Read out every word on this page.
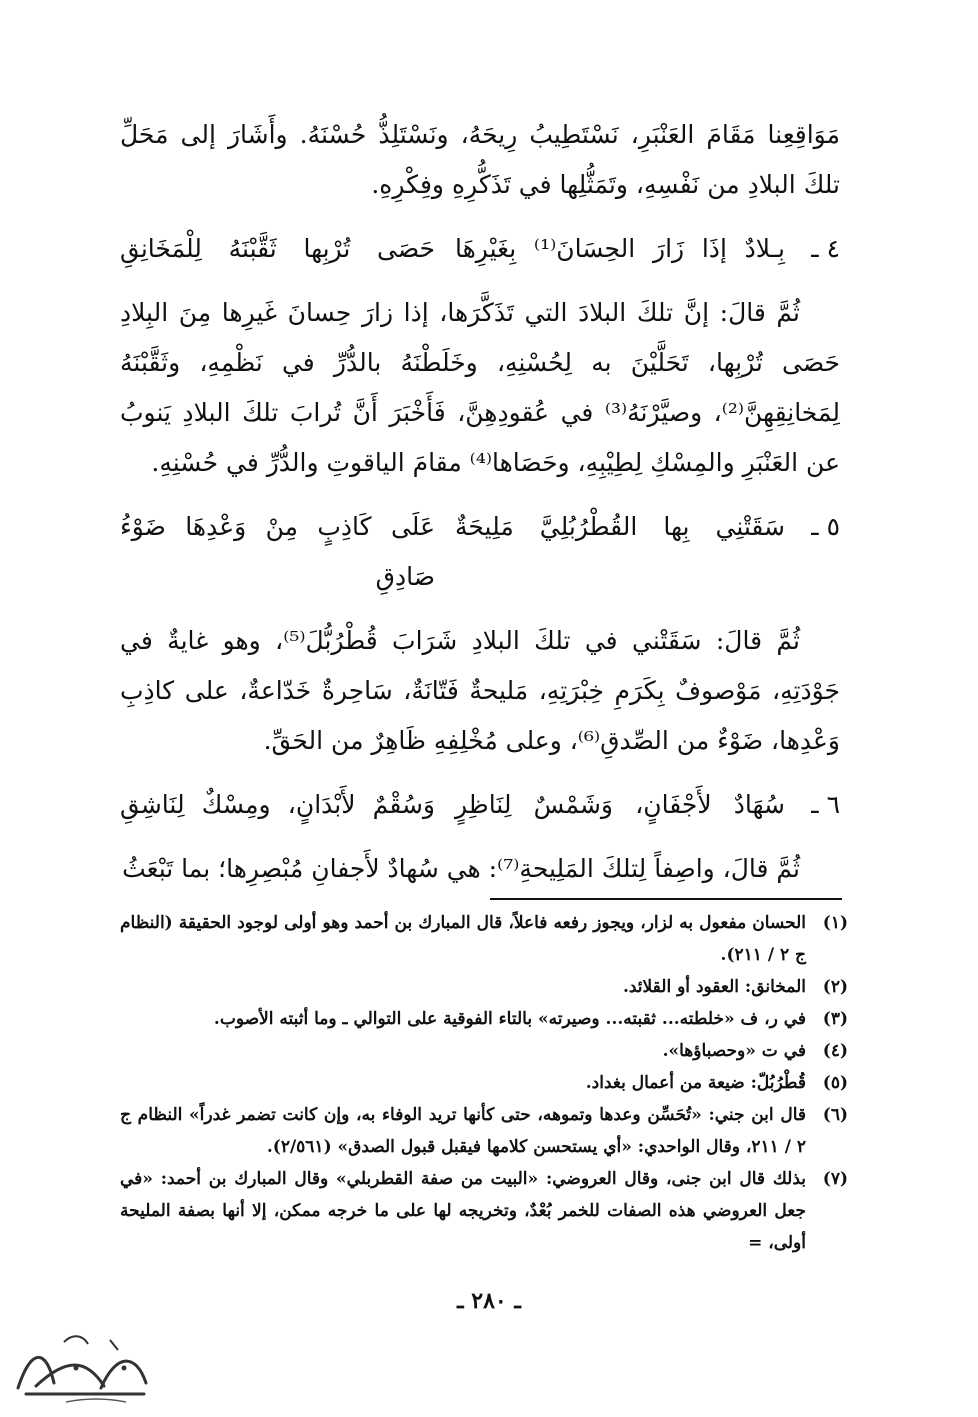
مَوَاقِعِنا مَقَامَ العَنْبَرِ، نَسْتَطِيبُ رِيحَهُ، ونَسْتَلِذُّ حُسْنَهُ. وأَشَارَ إلى مَحَلِّ تلكَ البلادِ من نَفْسِهِ، وتَمَثُّلِها في تَذَكُّرِهِ وفِكْرِهِ.

٤ ـ
بِـلادٌ إذَا زَارَ الحِسَانَ⁽¹⁾ بِغَيْرِهَا
حَصَى تُرْبِها ثَقَّبْنَهُ لِلْمَخَانِقِ

ثُمَّ قالَ: إنَّ تلكَ البلادَ التي تَذَكَّرَها، إذا زارَ حِسانَ غَيرِها مِنَ البِلادِ حَصَى تُرْبِها، تَحَلَّيْنَ به لِحُسْنِهِ، وخَلَطْنَهُ بالدُّرِّ في نَظْمِهِ، وثَقَّبْنَهُ لِمَخانِقِهِنَّ⁽²⁾، وصيَّرْنَهُ⁽³⁾ في عُقودِهِنَّ، فَأَخْبَرَ أَنَّ تُرابَ تلكَ البلادِ يَنوبُ عن العَنْبَرِ والمِسْكِ لِطِيْبِهِ، وحَصَاها⁽⁴⁾ مقامَ الياقوتِ والدُّرِّ في حُسْنِهِ.

٥ ـ
سَقَتْنِي بِها القُطْرُبُلِيَّ مَلِيحَةٌ
عَلَى كَاذِبٍ مِنْ وَعْدِهَا ضَوْءُ صَادِقِ

ثُمَّ قالَ: سَقَتْني في تلكَ البلادِ شَرَابَ قُطْرُبُّلَ⁽⁵⁾، وهو غايةٌ في جَوْدَتِهِ، مَوْصوفٌ بِكَرَمِ خِبْرَتِهِ، مَليحةٌ فَتّانَةٌ، سَاحِرةٌ خَدّاعةٌ، على كاذِبِ وَعْدِها، ضَوْءٌ من الصِّدقِ⁽⁶⁾، وعلى مُخْلِفِهِ ظَاهِرٌ من الحَقِّ.

٦ ـ
سُهَادٌ لأَجْفَانٍ، وَشَمْسٌ لِنَاظِرٍ
وَسُقْمٌ لأَبْدَانٍ، ومِسْكٌ لِنَاشِقِ

ثُمَّ قالَ، واصِفاً لِتلكَ المَلِيحةِ⁽⁷⁾: هي سُهادٌ لأَجفانِ مُبْصِرِها؛ بما تَبْعَثُ

(١)
الحسان مفعول به لزار، ويجوز رفعه فاعلاً، قال المبارك بن أحمد وهو أولى لوجود الحقيقة (النظام ج ٢ / ٢١١).
(٢)
المخانق: العقود أو القلائد.
(٣)
في ر، ف «خلطته... ثقبته... وصيرته» بالتاء الفوقية على التوالي ـ وما أثبته الأصوب.
(٤)
في ت «وحصباؤها».
(٥)
قُطْرُبُلّ: ضيعة من أعمال بغداد.
(٦)
قال ابن جني: «تُحَسِّن وعدها وتموهه، حتى كأنها تريد الوفاء به، وإن كانت تضمر غدراً» النظام ج ٢ / ٢١١، وقال الواحدي: «أي يستحسن كلامها فيقبل قبول الصدق» (٢/٥٦١).
(٧)
بذلك قال ابن جنى، وقال العروضي: «البيت من صفة القطربلي» وقال المبارك بن أحمد: «في جعل العروضي هذه الصفات للخمر بُعْدٌ، وتخريجه لها على ما خرجه ممكن، إلا أنها بصفة المليحة أولى، =
ـ ٢٨٠ ـ
